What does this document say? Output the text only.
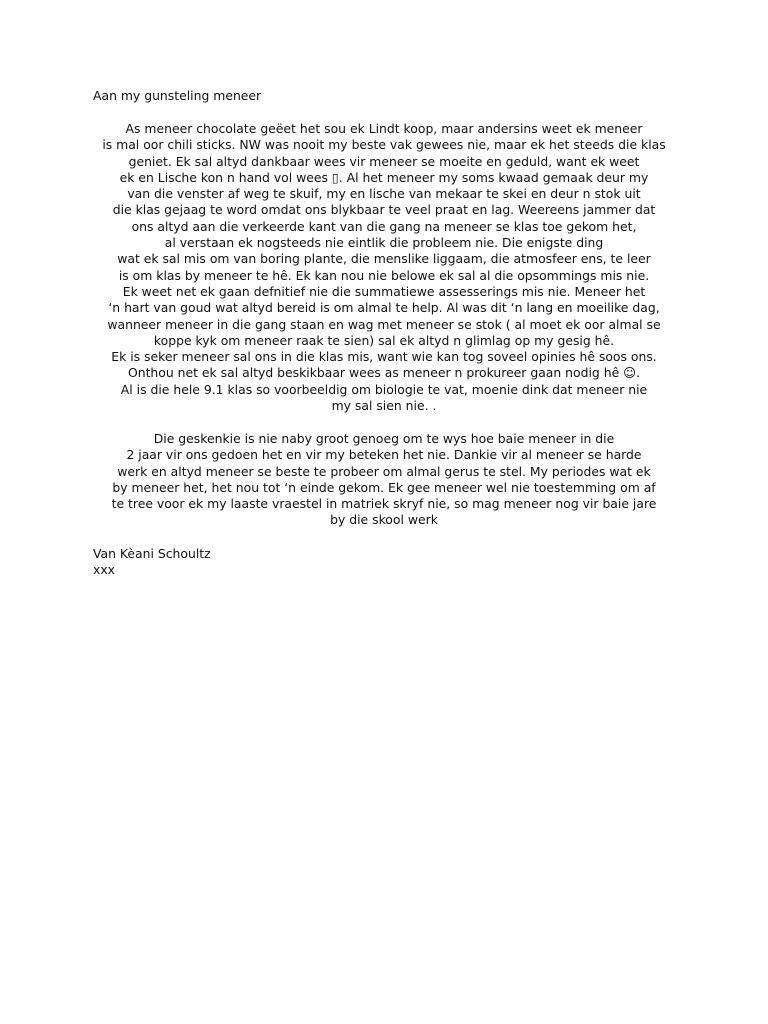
Aan my gunsteling meneer

As meneer chocolate geëet het sou ek Lindt koop, maar andersins weet ek meneer
is mal oor chili sticks. NW was nooit my beste vak gewees nie, maar ek het steeds die klas
geniet. Ek sal altyd dankbaar wees vir meneer se moeite en geduld, want ek weet
ek en Lische kon n hand vol wees ▯. Al het meneer my soms kwaad gemaak deur my
van die venster af weg te skuif, my en lische van mekaar te skei en deur n stok uit
die klas gejaag te word omdat ons blykbaar te veel praat en lag. Weereens jammer dat
ons altyd aan die verkeerde kant van die gang na meneer se klas toe gekom het,
al verstaan ek nogsteeds nie eintlik die probleem nie. Die enigste ding
wat ek sal mis om van boring plante, die menslike liggaam, die atmosfeer ens, te leer
is om klas by meneer te hê. Ek kan nou nie belowe ek sal al die opsommings mis nie.
Ek weet net ek gaan defnitief nie die summatiewe assesserings mis nie. Meneer het
‘n hart van goud wat altyd bereid is om almal te help. Al was dit ‘n lang en moeilike dag,
wanneer meneer in die gang staan en wag met meneer se stok ( al moet ek oor almal se
koppe kyk om meneer raak te sien) sal ek altyd n glimlag op my gesig hê.
Ek is seker meneer sal ons in die klas mis, want wie kan tog soveel opinies hê soos ons.
Onthou net ek sal altyd beskikbaar wees as meneer n prokureer gaan nodig hê ☺.
Al is die hele 9.1 klas so voorbeeldig om biologie te vat, moenie dink dat meneer nie
my sal sien nie. .
Die geskenkie is nie naby groot genoeg om te wys hoe baie meneer in die
2 jaar vir ons gedoen het en vir my beteken het nie. Dankie vir al meneer se harde
werk en altyd meneer se beste te probeer om almal gerus te stel. My periodes wat ek
by meneer het, het nou tot ‘n einde gekom. Ek gee meneer wel nie toestemming om af
te tree voor ek my laaste vraestel in matriek skryf nie, so mag meneer nog vir baie jare
by die skool werk
Van Kèani Schoultz
xxx
